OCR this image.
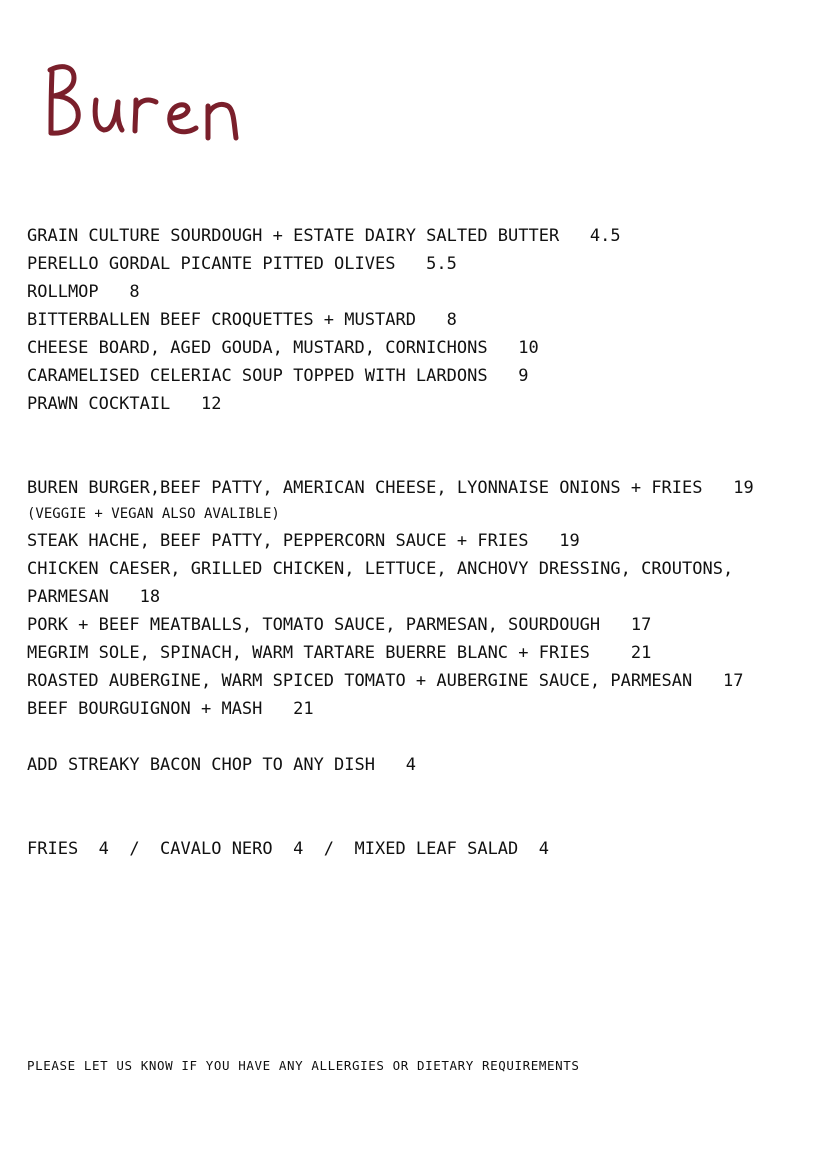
GRAIN CULTURE SOURDOUGH + ESTATE DAIRY SALTED BUTTER   4.5
PERELLO GORDAL PICANTE PITTED OLIVES   5.5
ROLLMOP   8
BITTERBALLEN BEEF CROQUETTES + MUSTARD   8
CHEESE BOARD, AGED GOUDA, MUSTARD, CORNICHONS   10
CARAMELISED CELERIAC SOUP TOPPED WITH LARDONS   9
PRAWN COCKTAIL   12
BUREN BURGER,BEEF PATTY, AMERICAN CHEESE, LYONNAISE ONIONS + FRIES   19
(VEGGIE + VEGAN ALSO AVALIBLE)
STEAK HACHE, BEEF PATTY, PEPPERCORN SAUCE + FRIES   19
CHICKEN CAESER, GRILLED CHICKEN, LETTUCE, ANCHOVY DRESSING, CROUTONS,
PARMESAN   18
PORK + BEEF MEATBALLS, TOMATO SAUCE, PARMESAN, SOURDOUGH   17
MEGRIM SOLE, SPINACH, WARM TARTARE BUERRE BLANC + FRIES    21
ROASTED AUBERGINE, WARM SPICED TOMATO + AUBERGINE SAUCE, PARMESAN   17
BEEF BOURGUIGNON + MASH   21
ADD STREAKY BACON CHOP TO ANY DISH   4
FRIES  4  /  CAVALO NERO  4  /  MIXED LEAF SALAD  4
PLEASE LET US KNOW IF YOU HAVE ANY ALLERGIES OR DIETARY REQUIREMENTS
